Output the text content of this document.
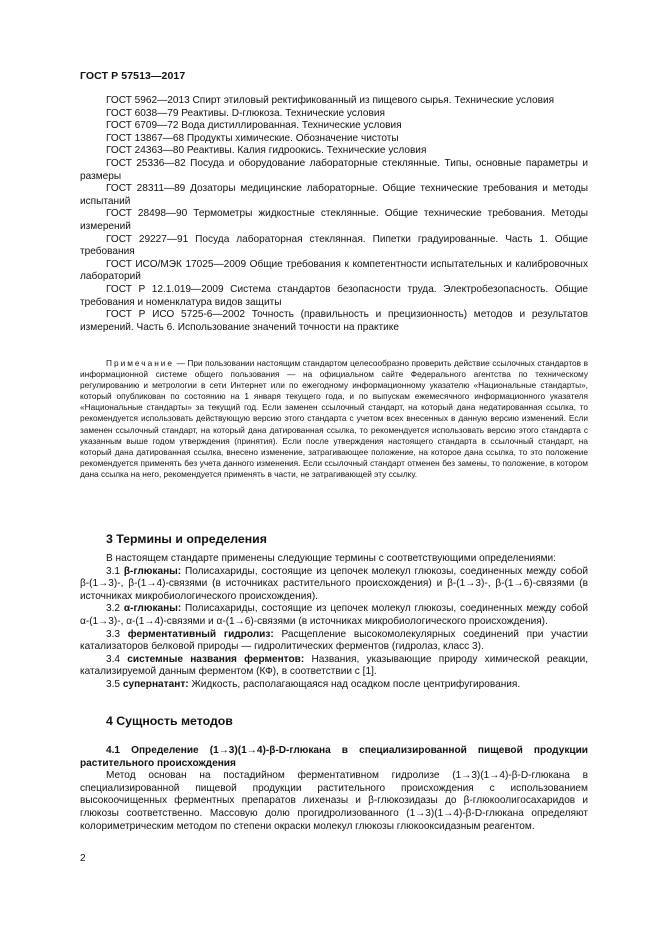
ГОСТ Р 57513—2017

ГОСТ 5962—2013 Спирт этиловый ректификованный из пищевого сырья. Технические условия

ГОСТ 6038—79 Реактивы. D-глюкоза. Технические условия

ГОСТ 6709—72 Вода дистиллированная. Технические условия

ГОСТ 13867—68 Продукты химические. Обозначение чистоты

ГОСТ 24363—80 Реактивы. Калия гидроокись. Технические условия

ГОСТ 25336—82 Посуда и оборудование лабораторные стеклянные. Типы, основные параметры и размеры

ГОСТ 28311—89 Дозаторы медицинские лабораторные. Общие технические требования и методы испытаний

ГОСТ 28498—90 Термометры жидкостные стеклянные. Общие технические требования. Методы измерений

ГОСТ 29227—91 Посуда лабораторная стеклянная. Пипетки градуированные. Часть 1. Общие требования

ГОСТ ИСО/МЭК 17025—2009 Общие требования к компетентности испытательных и калибровочных лабораторий

ГОСТ Р 12.1.019—2009 Система стандартов безопасности труда. Электробезопасность. Общие требования и номенклатура видов защиты

ГОСТ Р ИСО 5725-6—2002 Точность (правильность и прецизионность) методов и результатов измерений. Часть 6. Использование значений точности на практике

Примечание — При пользовании настоящим стандартом целесообразно проверить действие ссылочных стандартов в информационной системе общего пользования — на официальном сайте Федерального агентства по техническому регулированию и метрологии в сети Интернет или по ежегодному информационному указателю «Национальные стандарты», который опубликован по состоянию на 1 января текущего года, и по выпускам ежемесячного информационного указателя «Национальные стандарты» за текущий год. Если заменен ссылочный стандарт, на который дана недатированная ссылка, то рекомендуется использовать действующую версию этого стандарта с учетом всех внесенных в данную версию изменений. Если заменен ссылочный стандарт, на который дана датированная ссылка, то рекомендуется использовать версию этого стандарта с указанным выше годом утверждения (принятия). Если после утверждения настоящего стандарта в ссылочный стандарт, на который дана датированная ссылка, внесено изменение, затрагивающее положение, на которое дана ссылка, то это положение рекомендуется применять без учета данного изменения. Если ссылочный стандарт отменен без замены, то положение, в котором дана ссылка на него, рекомендуется применять в части, не затрагивающей эту ссылку.

3 Термины и определения

В настоящем стандарте применены следующие термины с соответствующими определениями:

3.1 β-глюканы: Полисахариды, состоящие из цепочек молекул глюкозы, соединенных между собой β-(1→3)-, β-(1→4)-связями (в источниках растительного происхождения) и β-(1→3)-, β-(1→6)-связями (в источниках микробиологического происхождения).

3.2 α-глюканы: Полисахариды, состоящие из цепочек молекул глюкозы, соединенных между собой α-(1→3)-, α-(1→4)-связями и α-(1→6)-связями (в источниках микробиологического происхождения).

3.3 ферментативный гидролиз: Расщепление высокомолекулярных соединений при участии катализаторов белковой природы — гидролитических ферментов (гидролаз, класс 3).

3.4 системные названия ферментов: Названия, указывающие природу химической реакции, катализируемой данным ферментом (КФ), в соответствии с [1].

3.5 супернатант: Жидкость, располагающаяся над осадком после центрифугирования.

4 Сущность методов

4.1 Определение (1→3)(1→4)-β-D-глюкана в специализированной пищевой продукции растительного происхождения

Метод основан на постадийном ферментативном гидролизе (1→3)(1→4)-β-D-глюкана в специализированной пищевой продукции растительного происхождения с использованием высокоочищенных ферментных препаратов лихеназы и β-глюкозидазы до β-глюкоолигосахаридов и глюкозы соответственно. Массовую долю прогидролизованного (1→3)(1→4)-β-D-глюкана определяют колориметрическим методом по степени окраски молекул глюкозы глюкооксидазным реагентом.

2
